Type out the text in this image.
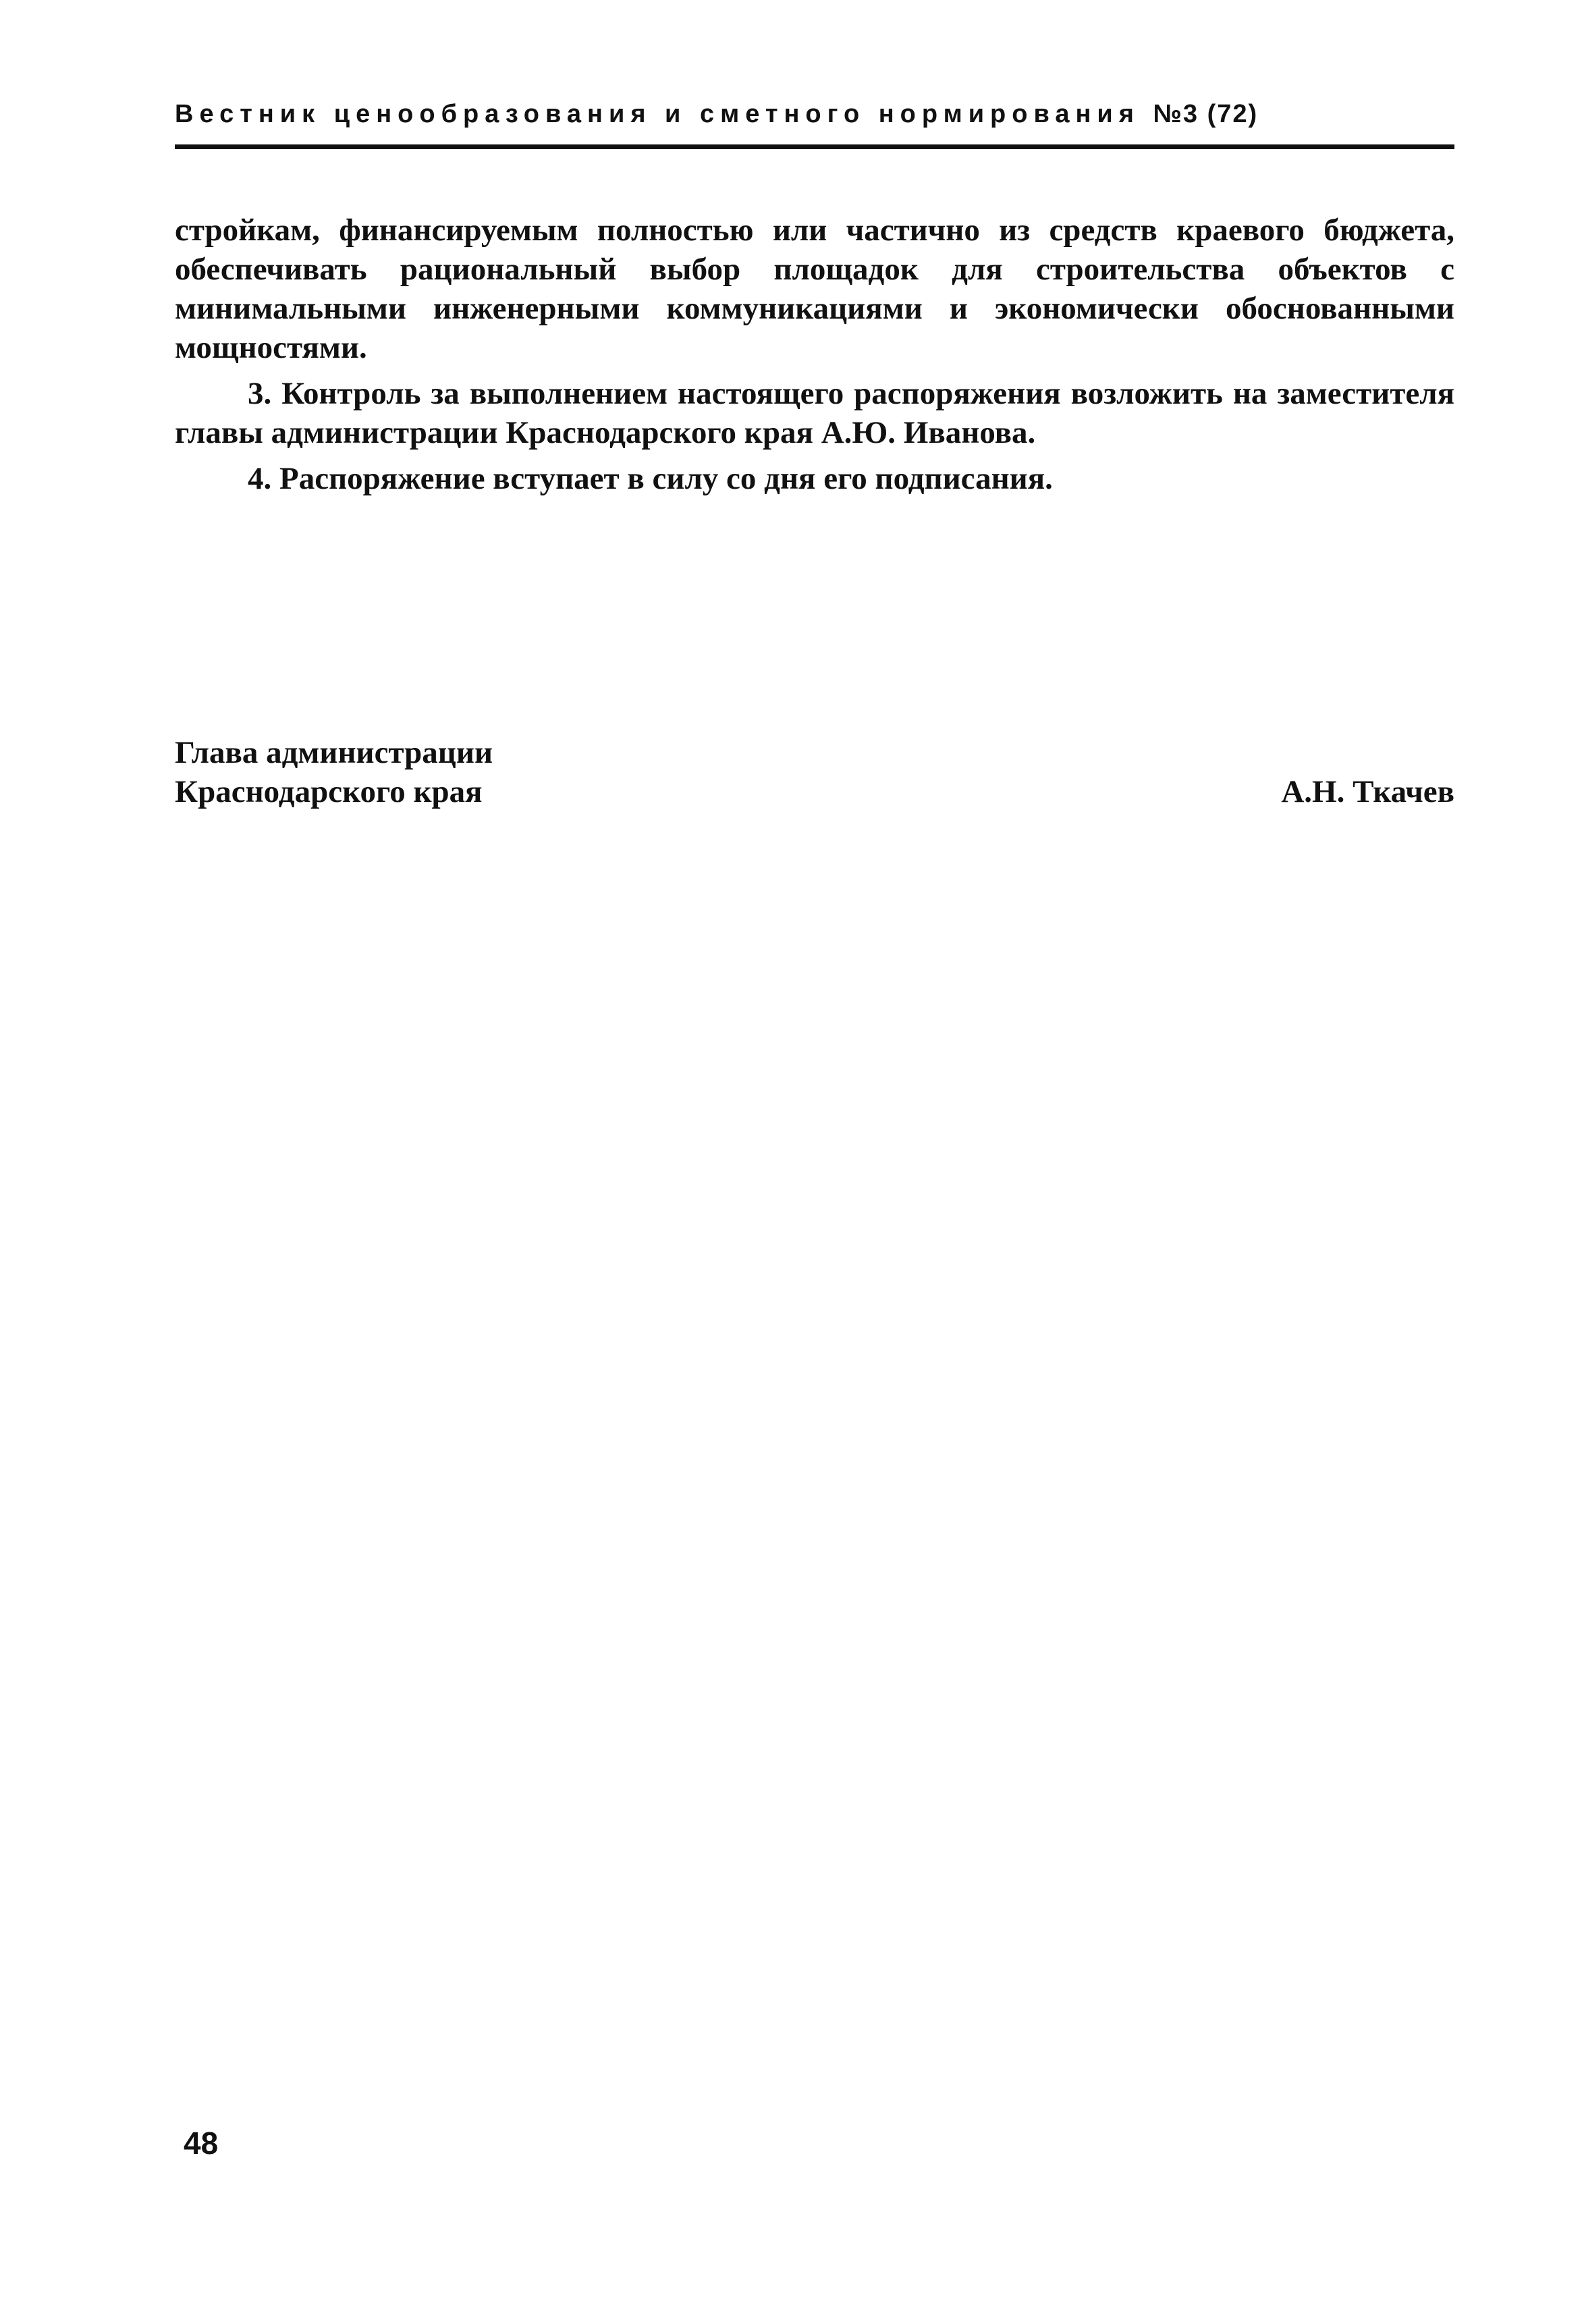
Вестник ценообразования и сметного нормирования №3 (72)

стройкам, финансируемым полностью или частично из средств краевого бюджета, обеспечивать рациональный выбор площадок для строительства объектов с минимальными инженерными коммуникациями и экономически обоснованными мощностями.

3. Контроль за выполнением настоящего распоряжения возложить на заместителя главы администрации Краснодарского края А.Ю. Иванова.

4. Распоряжение вступает в силу со дня его подписания.

Глава администрации
Краснодарского края	А.Н. Ткачев
48
